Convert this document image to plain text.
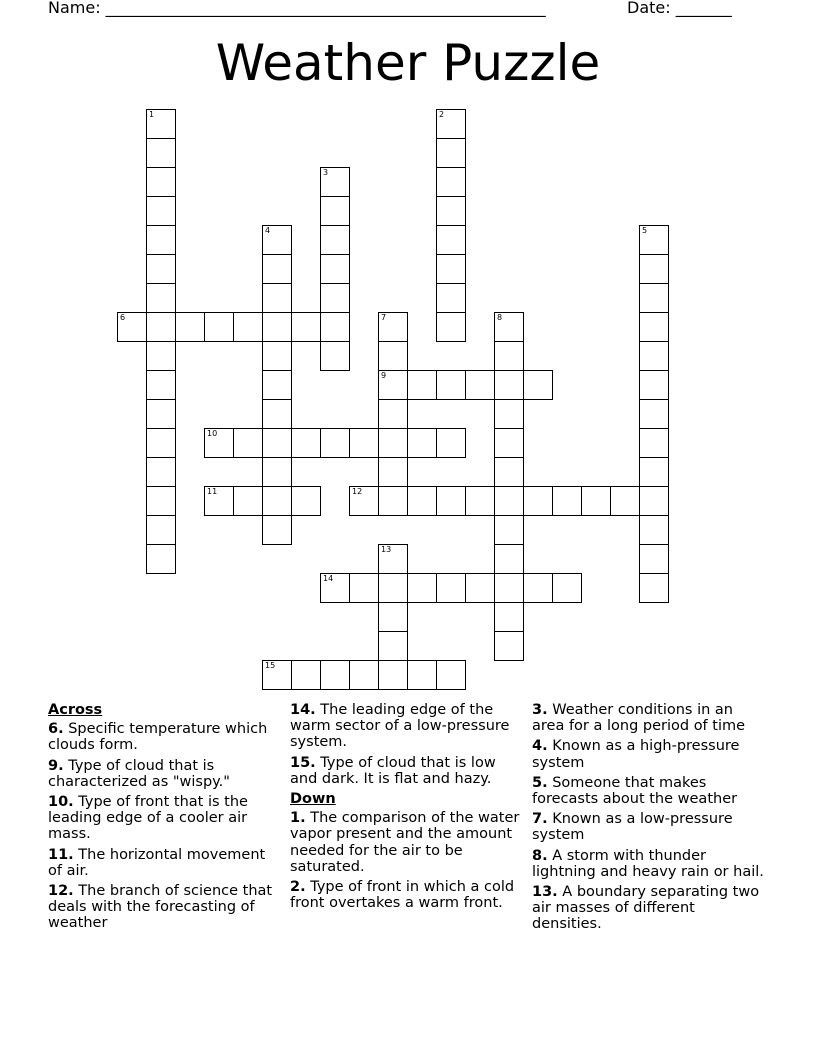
Name: _______________________________________________________	Date: _______
Weather Puzzle
1	2
3
4	5
6	7
9
8
10
11	12
13
14
15
Across
6. Specific temperature which clouds form.
9. Type of cloud that is characterized as "wispy."
10. Type of front that is the leading edge of a cooler air mass.
11. The horizontal movement of air.
12. The branch of science that deals with the forecasting of weather
14. The leading edge of the warm sector of a low-pressure system.
15. Type of cloud that is low and dark. It is flat and hazy.
Down
1. The comparison of the water vapor present and the amount needed for the air to be saturated.
2. Type of front in which a cold front overtakes a warm front.
3. Weather conditions in an area for a long period of time
4. Known as a high-pressure system
5. Someone that makes forecasts about the weather
7. Known as a low-pressure system
8. A storm with thunder lightning and heavy rain or hail.
13. A boundary separating two air masses of different densities.
